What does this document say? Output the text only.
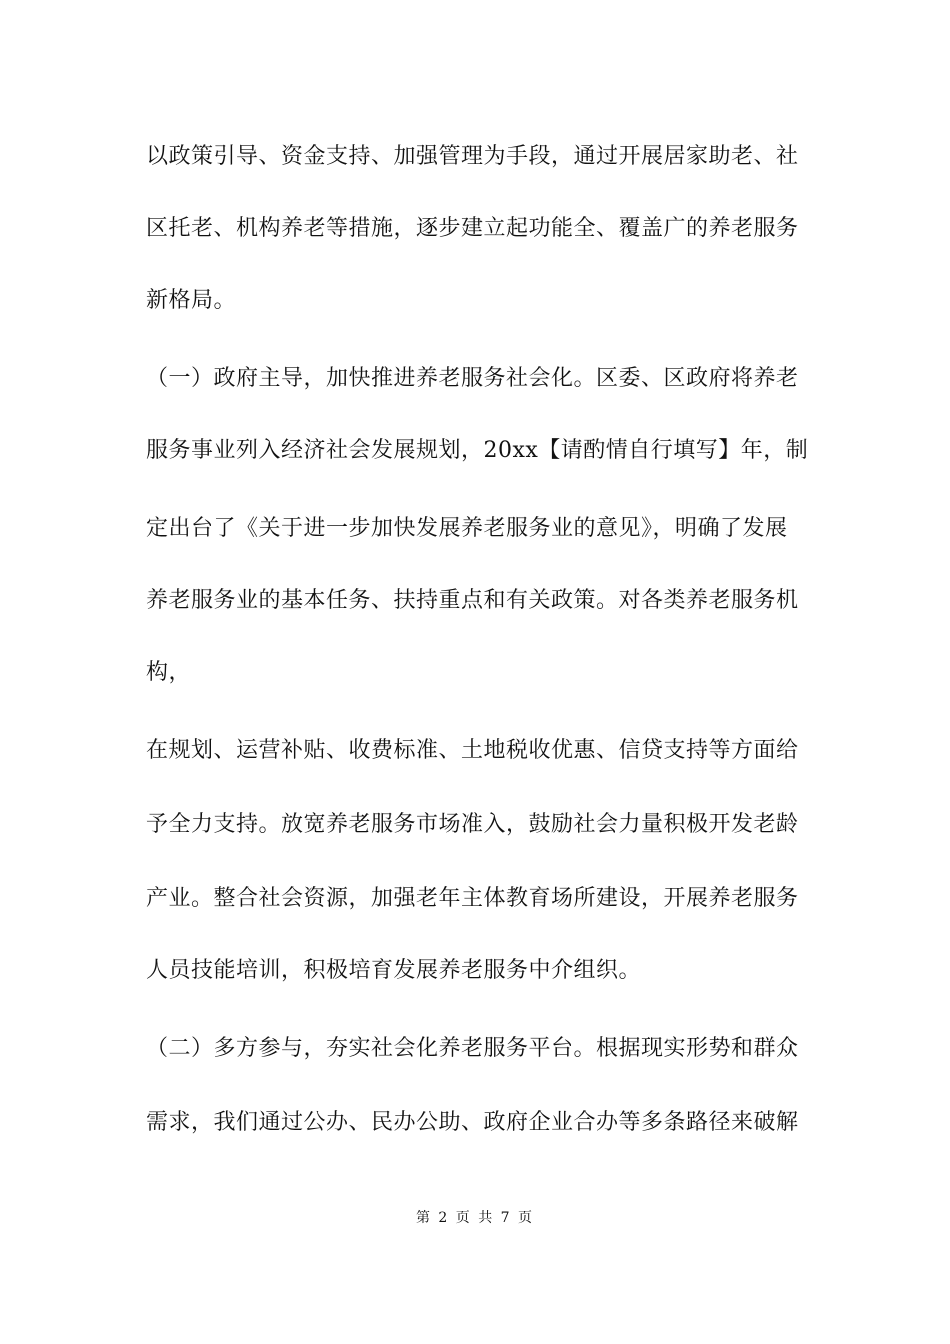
以政策引导、资金支持、加强管理为手段，通过开展居家助老、社
区托老、机构养老等措施，逐步建立起功能全、覆盖广的养老服务
新格局。
（一）政府主导，加快推进养老服务社会化。区委、区政府将养老
服务事业列入经济社会发展规划，20xx【请酌情自行填写】年，制
定出台了《关于进一步加快发展养老服务业的意见》，明确了发展
养老服务业的基本任务、扶持重点和有关政策。对各类养老服务机
构，
在规划、运营补贴、收费标准、土地税收优惠、信贷支持等方面给
予全力支持。放宽养老服务市场准入，鼓励社会力量积极开发老龄
产业。整合社会资源，加强老年主体教育场所建设，开展养老服务
人员技能培训，积极培育发展养老服务中介组织。
（二）多方参与，夯实社会化养老服务平台。根据现实形势和群众
需求，我们通过公办、民办公助、政府企业合办等多条路径来破解
第 2 页 共 7 页
